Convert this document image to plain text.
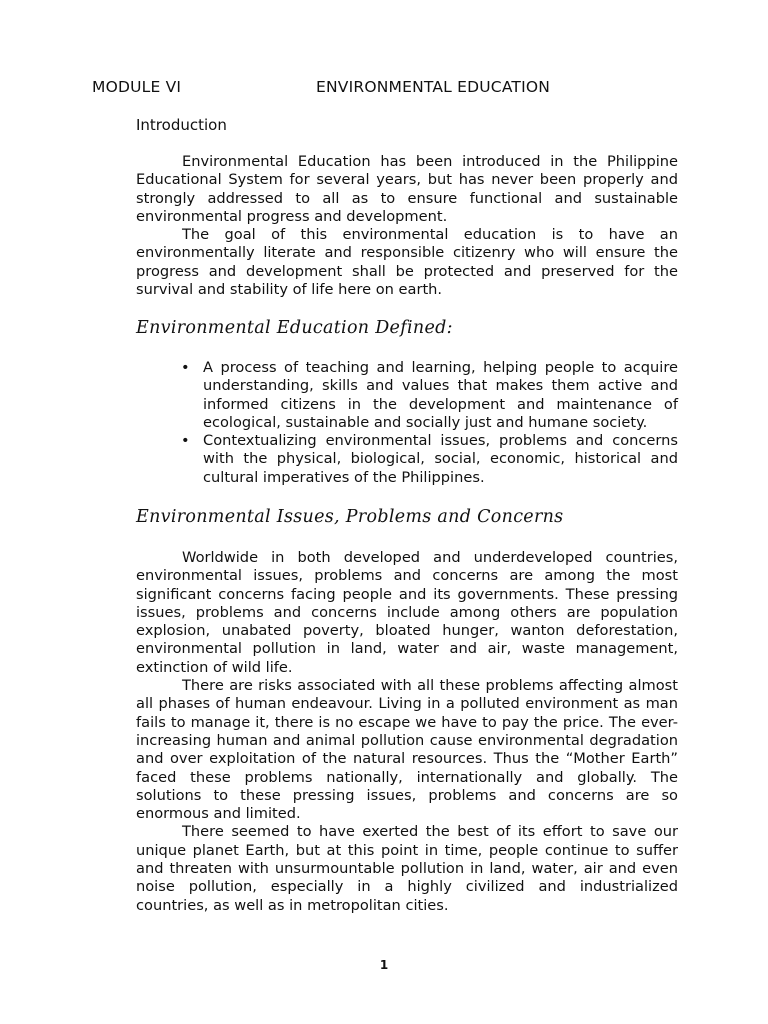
MODULE VI	ENVIRONMENTAL EDUCATION
Introduction

Environmental Education has been introduced in the Philippine Educational System for several years, but has never been properly and strongly addressed to all as to ensure functional and sustainable environmental progress and development.

The goal of this environmental education is to have an environmentally literate and responsible citizenry who will ensure the progress and development shall be protected and preserved for the survival and stability of life here on earth.

Environmental Education Defined:
• A process of teaching and learning, helping people to acquire understanding, skills and values that makes them active and informed citizens in the development and maintenance of ecological, sustainable and socially just and humane society.
• Contextualizing environmental issues, problems and concerns with the physical, biological, social, economic, historical and cultural imperatives of the Philippines.
Environmental Issues, Problems and Concerns

Worldwide in both developed and underdeveloped countries, environmental issues, problems and concerns are among the most significant concerns facing people and its governments. These pressing issues, problems and concerns include among others are population explosion, unabated poverty, bloated hunger, wanton deforestation, environmental pollution in land, water and air, waste management, extinction of wild life.

There are risks associated with all these problems affecting almost all phases of human endeavour. Living in a polluted environment as man fails to manage it, there is no escape we have to pay the price. The ever-increasing human and animal pollution cause environmental degradation and over exploitation of the natural resources. Thus the “Mother Earth” faced these problems nationally, internationally and globally. The solutions to these pressing issues, problems and concerns are so enormous and limited.

There seemed to have exerted the best of its effort to save our unique planet Earth, but at this point in time, people continue to suffer and threaten with unsurmountable pollution in land, water, air and even noise pollution, especially in a highly civilized and industrialized countries, as well as in metropolitan cities.

1
